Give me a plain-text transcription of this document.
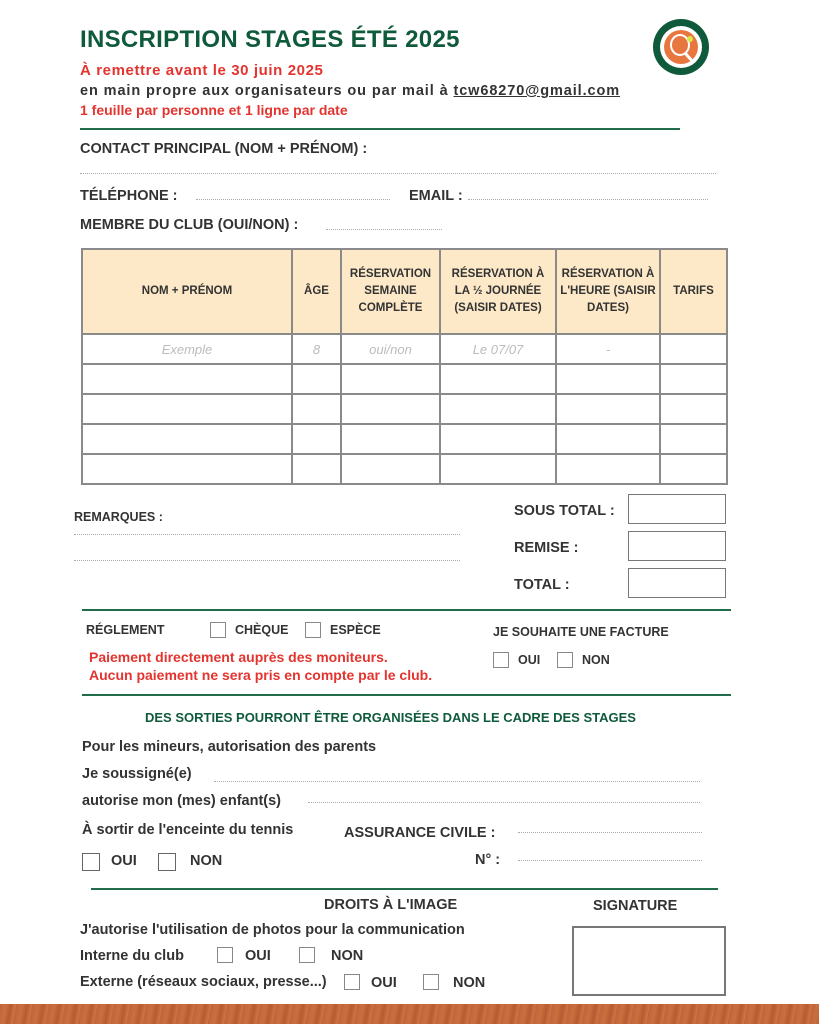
INSCRIPTION STAGES ÉTÉ 2025
À remettre avant le 30 juin 2025
en main propre aux organisateurs ou par mail à tcw68270@gmail.com
1 feuille par personne et 1 ligne par date
CONTACT PRINCIPAL (NOM + PRÉNOM) :
TÉLÉPHONE :	EMAIL :
MEMBRE DU CLUB (OUI/NON) :
NOM + PRÉNOM	ÂGE	RÉSERVATION SEMAINE COMPLÈTE	RÉSERVATION À LA ½ JOURNÉE (SAISIR DATES)	RÉSERVATION À L'HEURE (SAISIR DATES)	TARIFS
Exemple	8	oui/non	Le 07/07	-	

REMARQUES :	SOUS TOTAL :
REMISE :
TOTAL :
RÉGLEMENT	CHÈQUE	ESPÈCE
Paiement directement auprès des moniteurs.
Aucun paiement ne sera pris en compte par le club.
JE SOUHAITE UNE FACTURE
OUI	NON
DES SORTIES POURRONT ÊTRE ORGANISÉES DANS LE CADRE DES STAGES
Pour les mineurs, autorisation des parents
Je soussigné(e)
autorise mon (mes) enfant(s)
À sortir de l'enceinte du tennis	ASSURANCE CIVILE :
N° :
OUI	NON
DROITS À L'IMAGE
J'autorise l'utilisation de photos pour la communication
Interne du club	OUI	NON
Externe (réseaux sociaux, presse...)	OUI	NON
SIGNATURE
